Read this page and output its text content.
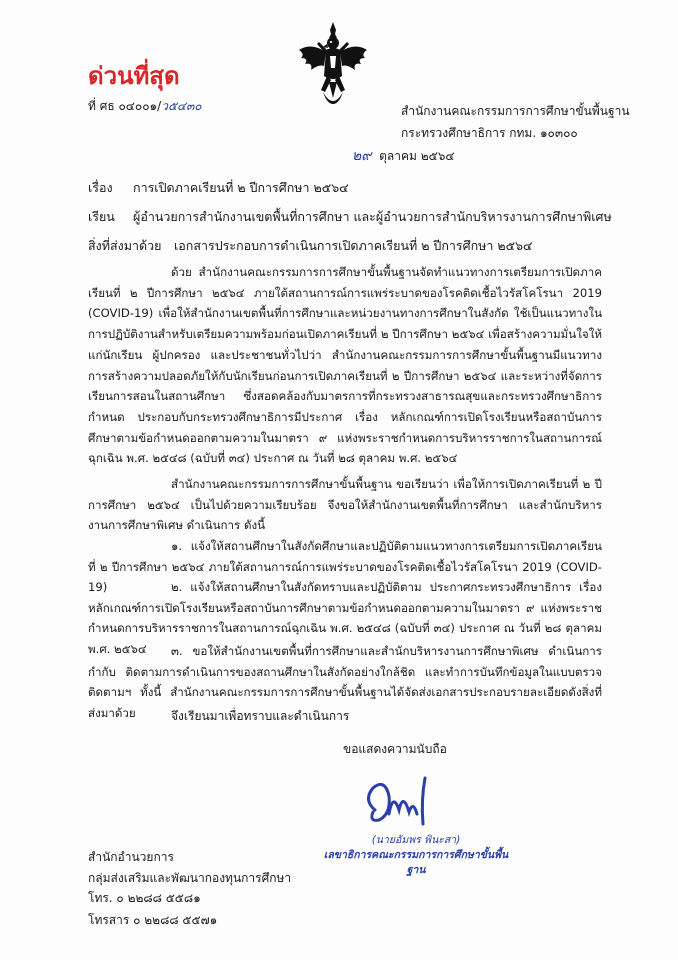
ด่วนที่สุด
ที่ ศธ ๐๔๐๐๑/ว๕๔๓๐	สำนักงานคณะกรรมการการศึกษาขั้นพื้นฐาน
กระทรวงศึกษาธิการ กทม. ๑๐๓๐๐
๒๙ ตุลาคม ๒๕๖๔
เรื่อง การเปิดภาคเรียนที่ ๒ ปีการศึกษา ๒๕๖๔
เรียน ผู้อำนวยการสำนักงานเขตพื้นที่การศึกษา และผู้อำนวยการสำนักบริหารงานการศึกษาพิเศษ
สิ่งที่ส่งมาด้วย เอกสารประกอบการดำเนินการเปิดภาคเรียนที่ ๒ ปีการศึกษา ๒๕๖๔

ด้วย สำนักงานคณะกรรมการการศึกษาขั้นพื้นฐานจัดทำแนวทางการเตรียมการเปิดภาคเรียนที่ ๒ ปีการศึกษา ๒๕๖๔ ภายใต้สถานการณ์การแพร่ระบาดของโรคติดเชื้อไวรัสโคโรนา 2019 (COVID-19) เพื่อให้สำนักงานเขตพื้นที่การศึกษาและหน่วยงานทางการศึกษาในสังกัด ใช้เป็นแนวทางในการปฏิบัติงานสำหรับเตรียมความพร้อมก่อนเปิดภาคเรียนที่ ๒ ปีการศึกษา ๒๕๖๔ เพื่อสร้างความมั่นใจให้แก่นักเรียน ผู้ปกครอง และประชาชนทั่วไปว่า สำนักงานคณะกรรมการการศึกษาขั้นพื้นฐานมีแนวทางการสร้างความปลอดภัยให้กับนักเรียนก่อนการเปิดภาคเรียนที่ ๒ ปีการศึกษา ๒๕๖๔ และระหว่างที่จัดการเรียนการสอนในสถานศึกษา ซึ่งสอดคล้องกับมาตรการที่กระทรวงสาธารณสุขและกระทรวงศึกษาธิการกำหนด ประกอบกับกระทรวงศึกษาธิการมีประกาศ เรื่อง หลักเกณฑ์การเปิดโรงเรียนหรือสถาบันการศึกษาตามข้อกำหนดออกตามความในมาตรา ๙ แห่งพระราชกำหนดการบริหารราชการในสถานการณ์ฉุกเฉิน พ.ศ. ๒๕๔๘ (ฉบับที่ ๓๔) ประกาศ ณ วันที่ ๒๘ ตุลาคม พ.ศ. ๒๕๖๔

สำนักงานคณะกรรมการการศึกษาขั้นพื้นฐาน ขอเรียนว่า เพื่อให้การเปิดภาคเรียนที่ ๒ ปีการศึกษา ๒๕๖๔ เป็นไปด้วยความเรียบร้อย จึงขอให้สำนักงานเขตพื้นที่การศึกษา และสำนักบริหารงานการศึกษาพิเศษ ดำเนินการ ดังนี้

๑. แจ้งให้สถานศึกษาในสังกัดศึกษาและปฏิบัติตามแนวทางการเตรียมการเปิดภาคเรียนที่ ๒ ปีการศึกษา ๒๕๖๔ ภายใต้สถานการณ์การแพร่ระบาดของโรคติดเชื้อไวรัสโคโรนา 2019 (COVID-19)	๒. แจ้งให้สถานศึกษาในสังกัดทราบและปฏิบัติตาม ประกาศกระทรวงศึกษาธิการ เรื่อง หลักเกณฑ์การเปิดโรงเรียนหรือสถาบันการศึกษาตามข้อกำหนดออกตามความในมาตรา ๙ แห่งพระราชกำหนดการบริหารราชการในสถานการณ์ฉุกเฉิน พ.ศ. ๒๕๔๘ (ฉบับที่ ๓๔) ประกาศ ณ วันที่ ๒๘ ตุลาคม พ.ศ. ๒๕๖๔	๓. ขอให้สำนักงานเขตพื้นที่การศึกษาและสำนักบริหารงานการศึกษาพิเศษ ดำเนินการกำกับ ติดตามการดำเนินการของสถานศึกษาในสังกัดอย่างใกล้ชิด และทำการบันทึกข้อมูลในแบบตรวจ ติดตามฯ ทั้งนี้ สำนักงานคณะกรรมการการศึกษาขั้นพื้นฐานได้จัดส่งเอกสารประกอบรายละเอียดดังสิ่งที่ส่งมาด้วย	จึงเรียนมาเพื่อทราบและดำเนินการ
ขอแสดงความนับถือ
(นายอัมพร พินะสา)
เลขาธิการคณะกรรมการการศึกษาขั้นพื้นฐาน
สำนักอำนวยการ
กลุ่มส่งเสริมและพัฒนากองทุนการศึกษา
โทร. ๐ ๒๒๘๘ ๕๕๘๑
โทรสาร ๐ ๒๒๘๘ ๕๕๗๑
